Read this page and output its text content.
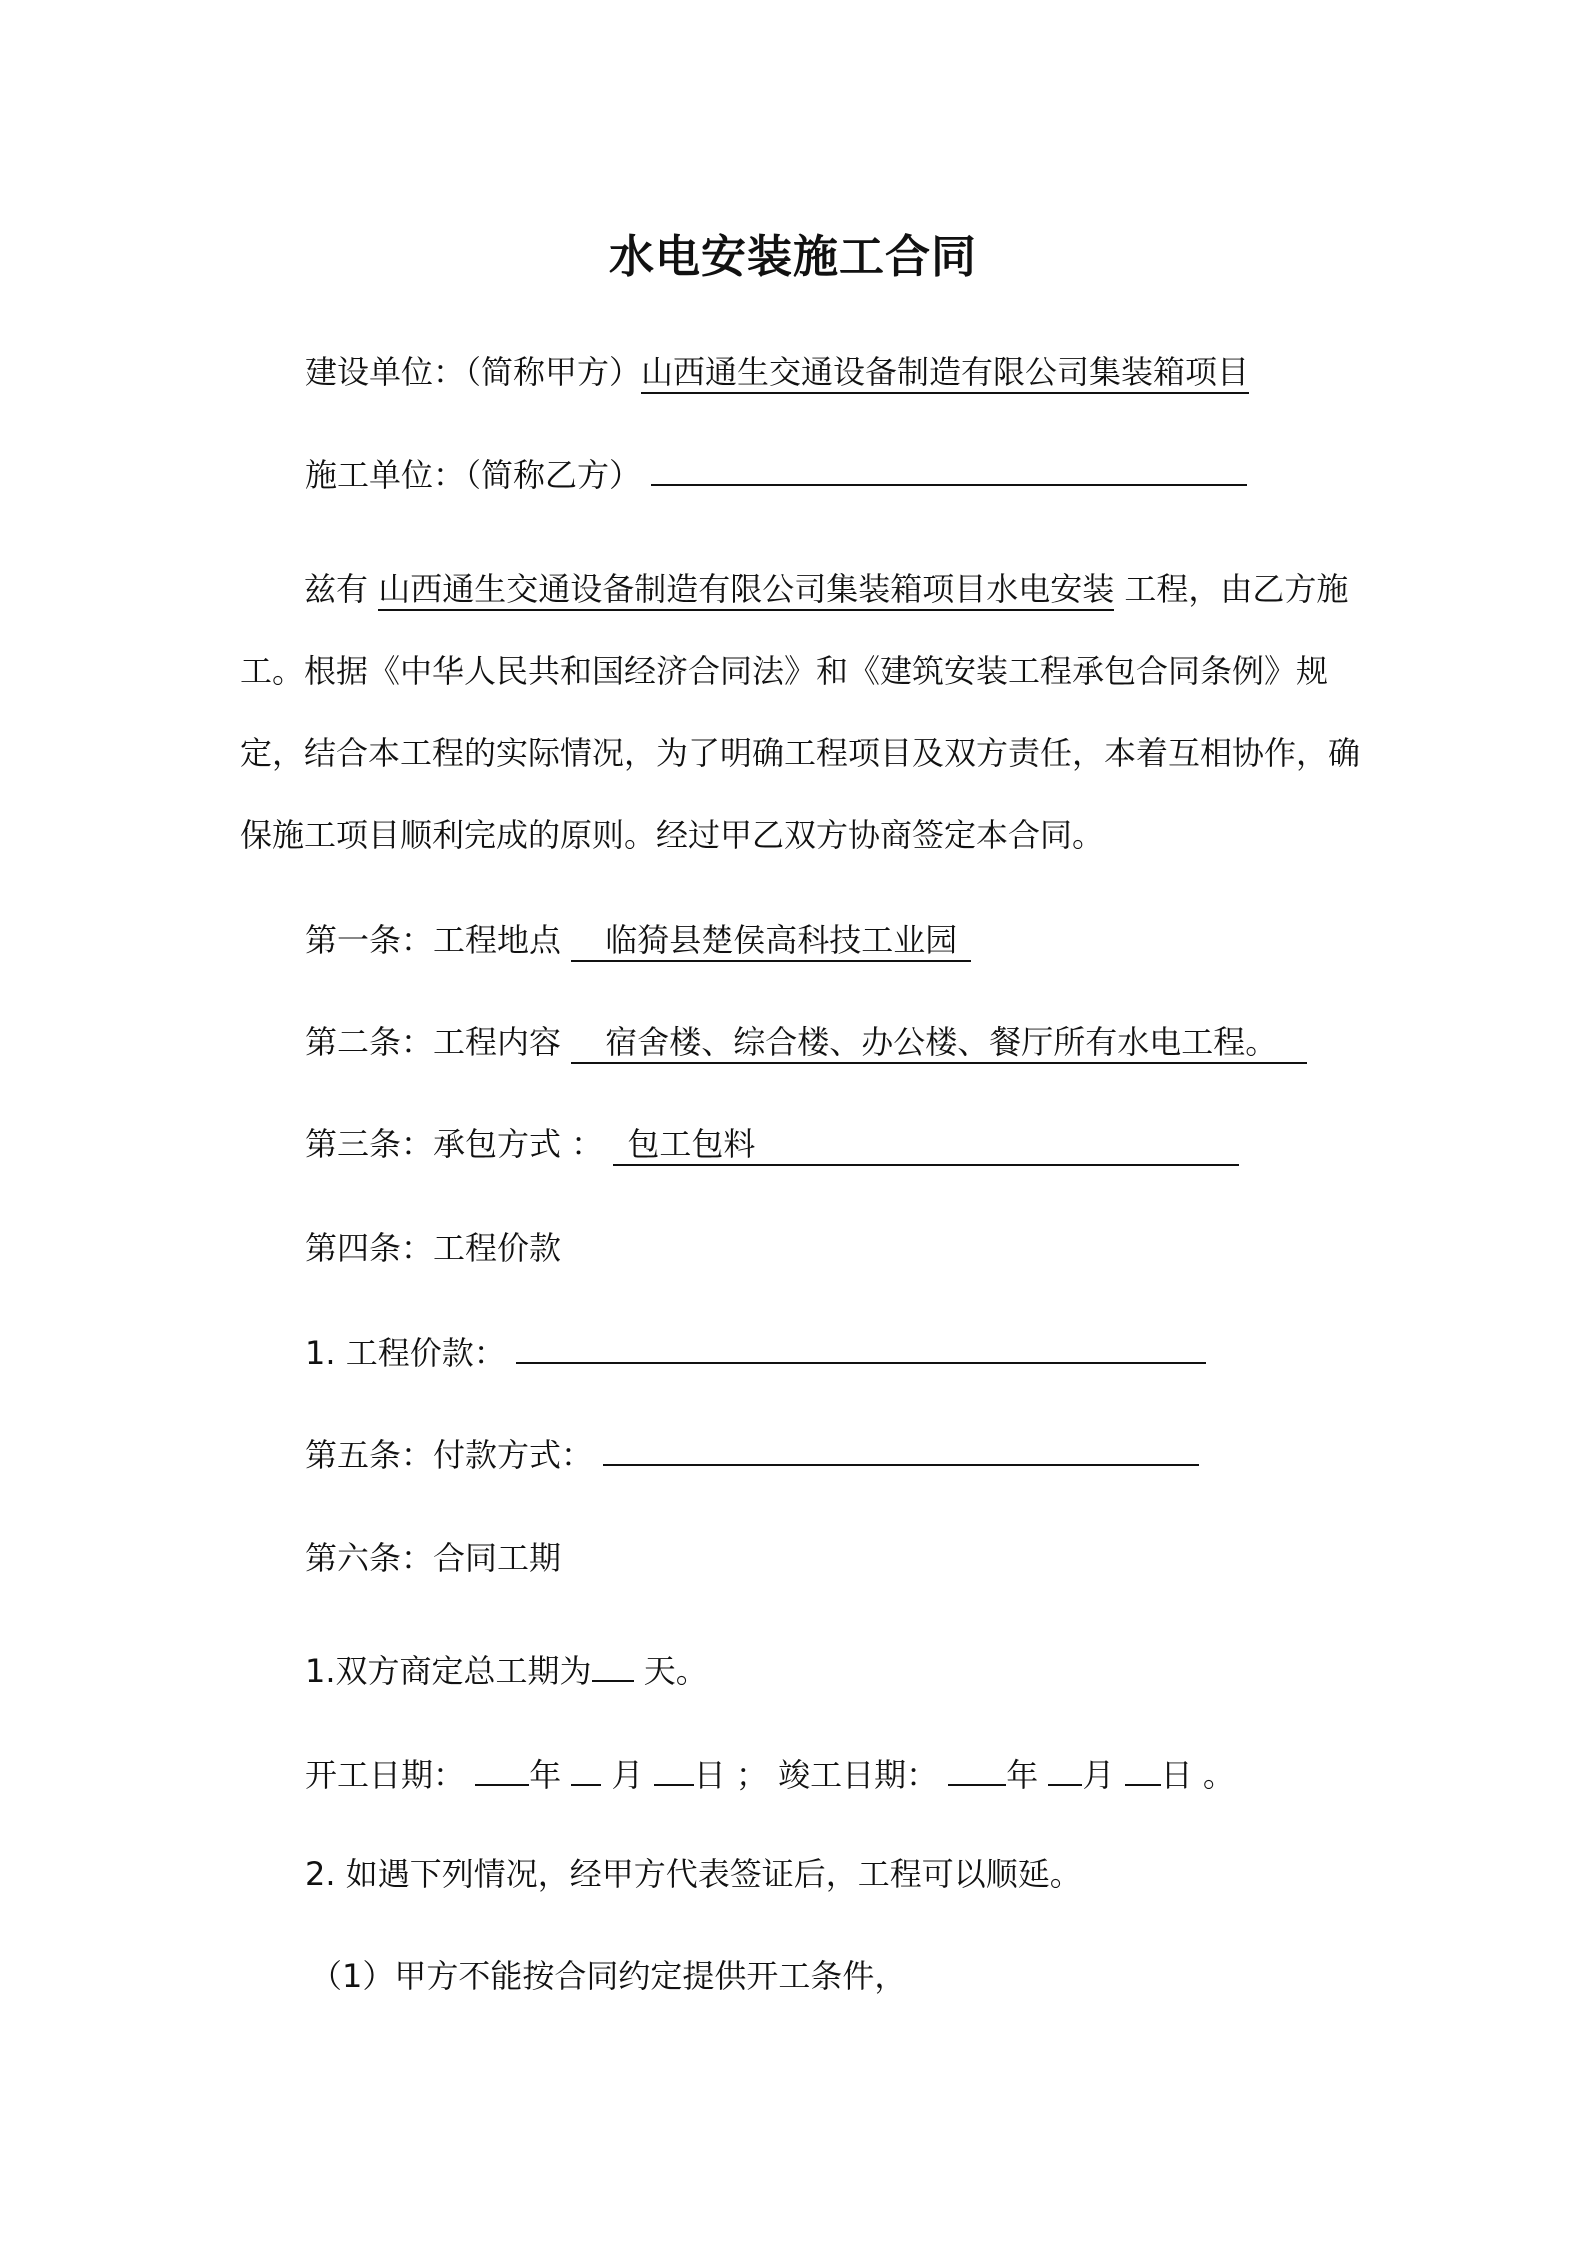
水电安装施工合同
建设单位：（简称甲方）山西通生交通设备制造有限公司集装箱项目
施工单位：（简称乙方）
兹有 山西通生交通设备制造有限公司集装箱项目水电安装 工程，由乙方施工。根据《中华人民共和国经济合同法》和《建筑安装工程承包合同条例》规定，结合本工程的实际情况，为了明确工程项目及双方责任，本着互相协作，确保施工项目顺利完成的原则。经过甲乙双方协商签定本合同。
第一条：工程地点 临猗县楚侯高科技工业园
第二条：工程内容 宿舍楼、综合楼、办公楼、餐厅所有水电工程。
第三条：承包方式 ： 包工包料
第四条：工程价款
1. 工程价款：
第五条：付款方式：
第六条：合同工期
1.双方商定总工期为 天。
开工日期： 年 月 日 ； 竣工日期： 年 月 日 。
2. 如遇下列情况，经甲方代表签证后，工程可以顺延。
（1）甲方不能按合同约定提供开工条件，
